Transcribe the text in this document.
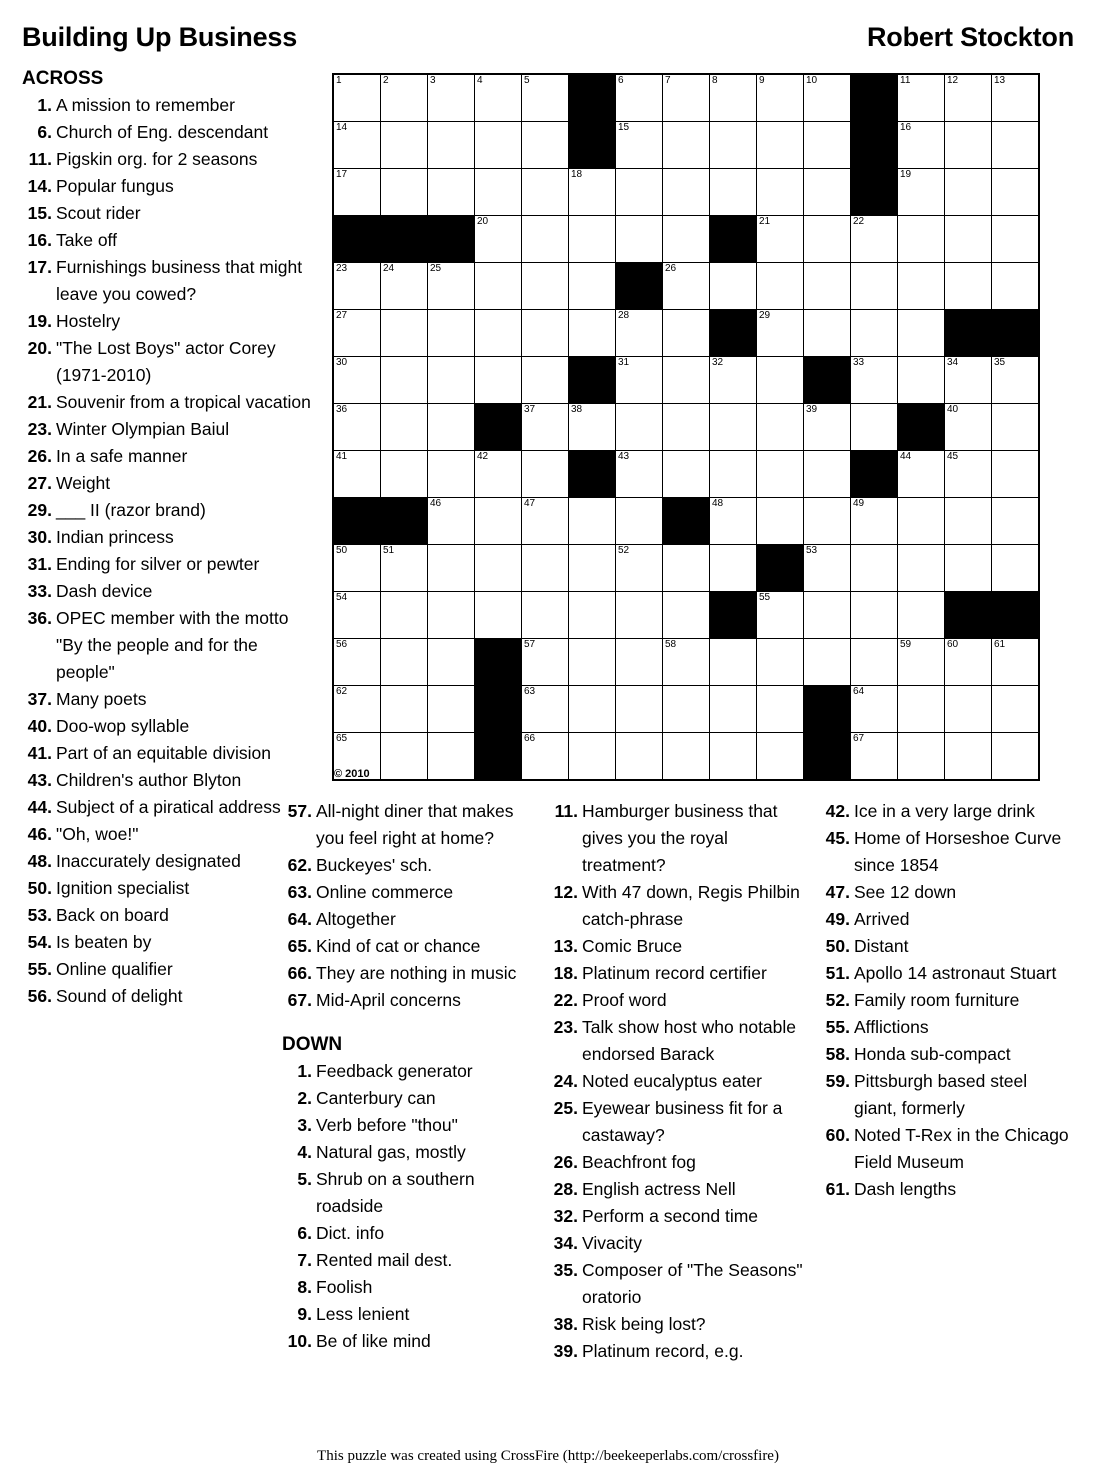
Building Up Business	Robert Stockton
1	2	3	4	5		6	7	8	9	10		11	12	13

14						15						16		

17					18							19		

			20						21		22			

23	24	25					26							

27						28			29					

30						31		32			33		34	35

36				37	38					39			40	

41			42			43						44	45	

		46		47				48			49			

50	51					52				53				

54									55					

56				57			58					59	60	61

62				63							64			

65				66							67			

© 2010
ACROSS
1. A mission to remember
6. Church of Eng. descendant
11. Pigskin org. for 2 seasons
14. Popular fungus
15. Scout rider
16. Take off
17. Furnishings business that might leave you cowed?
19. Hostelry
20. "The Lost Boys" actor Corey (1971-2010)
21. Souvenir from a tropical vacation
23. Winter Olympian Baiul
26. In a safe manner
27. Weight
29. ___ II (razor brand)
30. Indian princess
31. Ending for silver or pewter
33. Dash device
36. OPEC member with the motto "By the people and for the people"
37. Many poets
40. Doo-wop syllable
41. Part of an equitable division
43. Children's author Blyton
44. Subject of a piratical address
46. "Oh, woe!"
48. Inaccurately designated
50. Ignition specialist
53. Back on board
54. Is beaten by
55. Online qualifier
56. Sound of delight
57. All-night diner that makes you feel right at home?
62. Buckeyes' sch.
63. Online commerce
64. Altogether
65. Kind of cat or chance
66. They are nothing in music
67. Mid-April concerns
DOWN
1. Feedback generator
2. Canterbury can
3. Verb before "thou"
4. Natural gas, mostly
5. Shrub on a southern roadside
6. Dict. info
7. Rented mail dest.
8. Foolish
9. Less lenient
10. Be of like mind
11. Hamburger business that gives you the royal treatment?
12. With 47 down, Regis Philbin catch-phrase
13. Comic Bruce
18. Platinum record certifier
22. Proof word
23. Talk show host who notable endorsed Barack
24. Noted eucalyptus eater
25. Eyewear business fit for a castaway?
26. Beachfront fog
28. English actress Nell
32. Perform a second time
34. Vivacity
35. Composer of "The Seasons" oratorio
38. Risk being lost?
39. Platinum record, e.g.
42. Ice in a very large drink
45. Home of Horseshoe Curve since 1854
47. See 12 down
49. Arrived
50. Distant
51. Apollo 14 astronaut Stuart
52. Family room furniture
55. Afflictions
58. Honda sub-compact
59. Pittsburgh based steel giant, formerly
60. Noted T-Rex in the Chicago Field Museum
61. Dash lengths
This puzzle was created using CrossFire (http://beekeeperlabs.com/crossfire)
